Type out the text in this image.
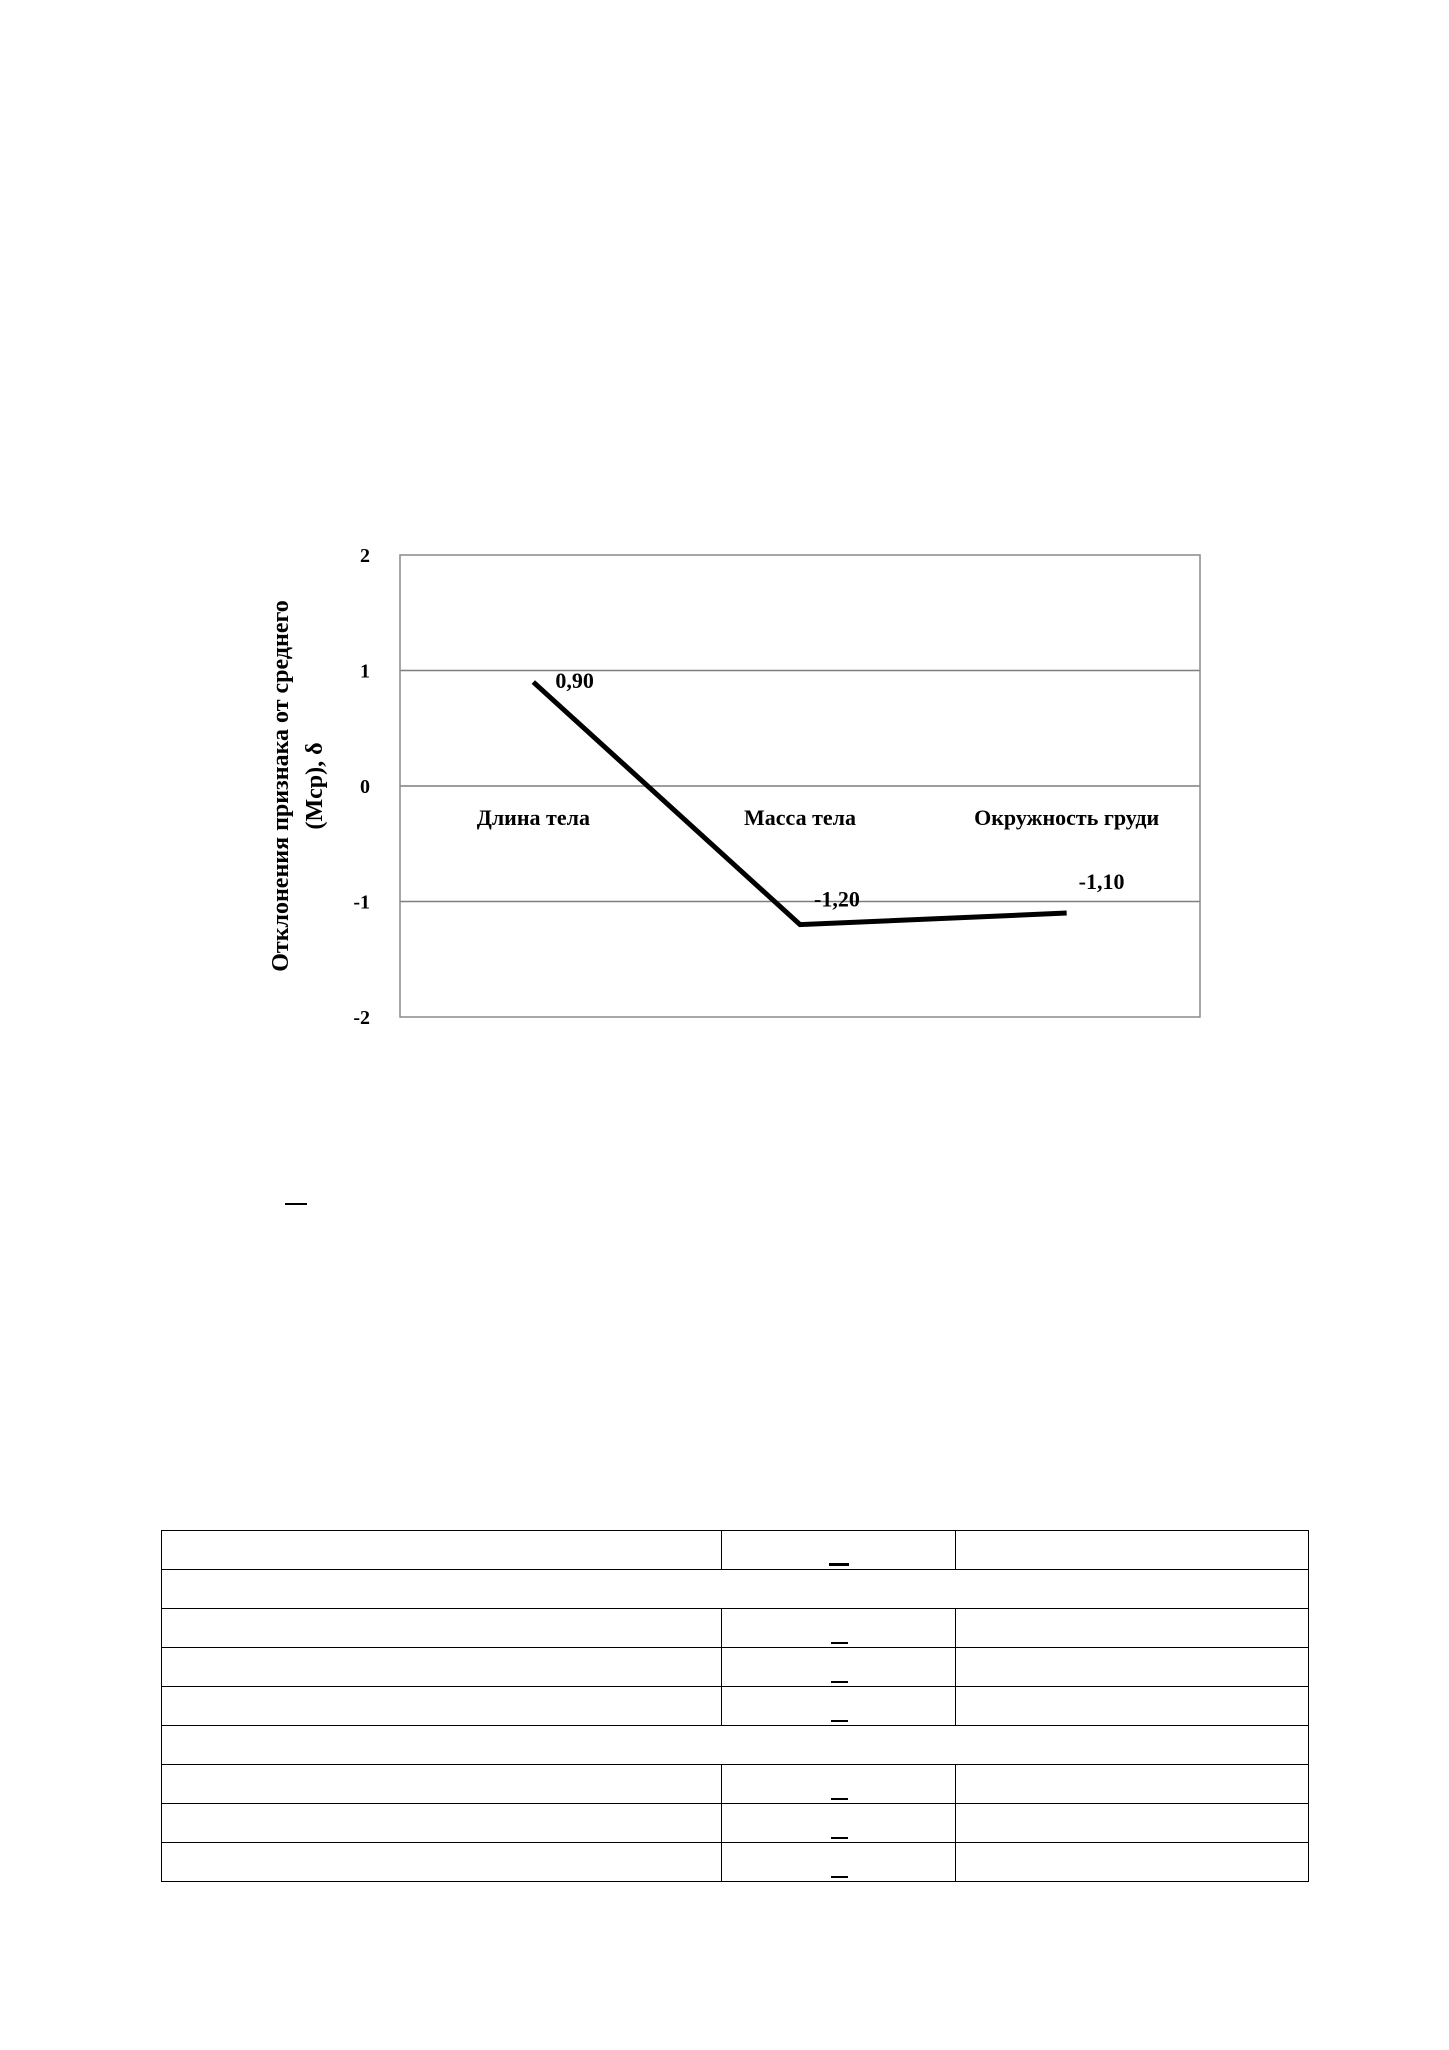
2
1
0
-1
-2
Длина тела	Масса тела	Окружность груди
0,90
-1,20
-1,10
Отклонения признака от среднего (Mср), δ
